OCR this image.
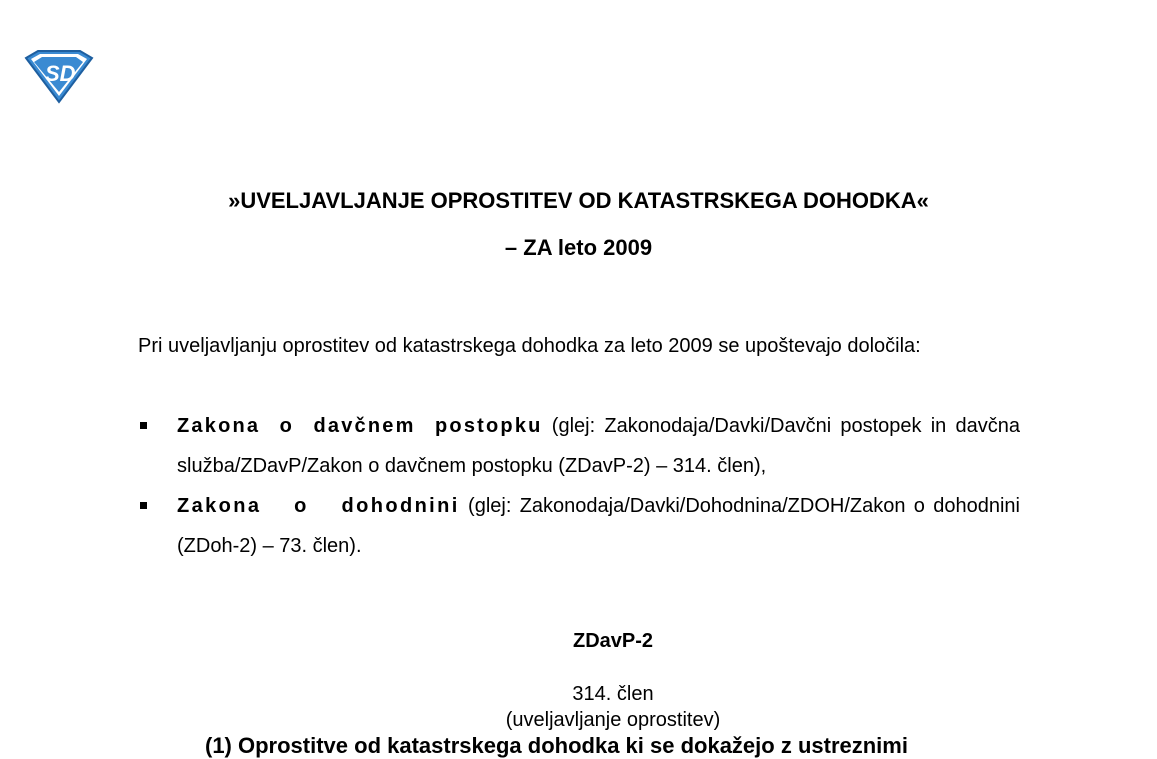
SD
»UVELJAVLJANJE OPROSTITEV OD KATASTRSKEGA DOHODKA«
– ZA leto 2009
Pri uveljavljanju oprostitev od katastrskega dohodka za leto 2009 se upoštevajo določila:
Zakona o davčnem postopku (glej: Zakonodaja/Davki/Davčni postopek in davčna služba/ZDavP/Zakon o davčnem postopku (ZDavP-2) – 314. člen),
Zakona o dohodnini (glej: Zakonodaja/Davki/Dohodnina/ZDOH/Zakon o dohodnini (ZDoh-2) – 73. člen).
ZDavP-2
314. člen
(uveljavljanje oprostitev)
(1) Oprostitve od katastrskega dohodka ki se dokažejo z ustreznimi
